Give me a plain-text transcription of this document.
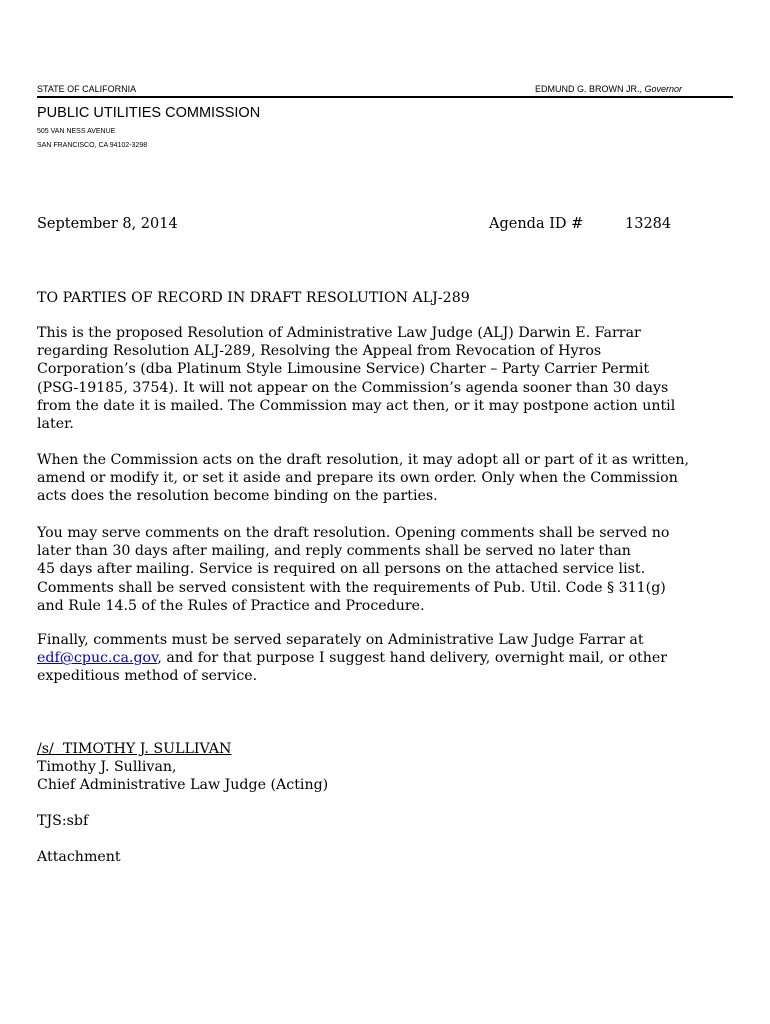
STATE OF CALIFORNIA	EDMUND G. BROWN JR., Governor
PUBLIC UTILITIES COMMISSION
505 VAN NESS AVENUE
SAN FRANCISCO, CA 94102-3298
September 8, 2014	Agenda ID #	13284
TO PARTIES OF RECORD IN DRAFT RESOLUTION ALJ-289

This is the proposed Resolution of Administrative Law Judge (ALJ) Darwin E. Farrar

regarding Resolution ALJ-289, Resolving the Appeal from Revocation of Hyros

Corporation’s (dba Platinum Style Limousine Service) Charter – Party Carrier Permit

(PSG-19185, 3754). It will not appear on the Commission’s agenda sooner than 30 days

from the date it is mailed. The Commission may act then, or it may postpone action until

later.

When the Commission acts on the draft resolution, it may adopt all or part of it as written,

amend or modify it, or set it aside and prepare its own order. Only when the Commission

acts does the resolution become binding on the parties.

You may serve comments on the draft resolution. Opening comments shall be served no

later than 30 days after mailing, and reply comments shall be served no later than

45 days after mailing. Service is required on all persons on the attached service list.

Comments shall be served consistent with the requirements of Pub. Util. Code § 311(g)

and Rule 14.5 of the Rules of Practice and Procedure.

Finally, comments must be served separately on Administrative Law Judge Farrar at

edf@cpuc.ca.gov, and for that purpose I suggest hand delivery, overnight mail, or other

expeditious method of service.

/s/  TIMOTHY J. SULLIVAN
Timothy J. Sullivan,
Chief Administrative Law Judge (Acting)
TJS:sbf
Attachment
